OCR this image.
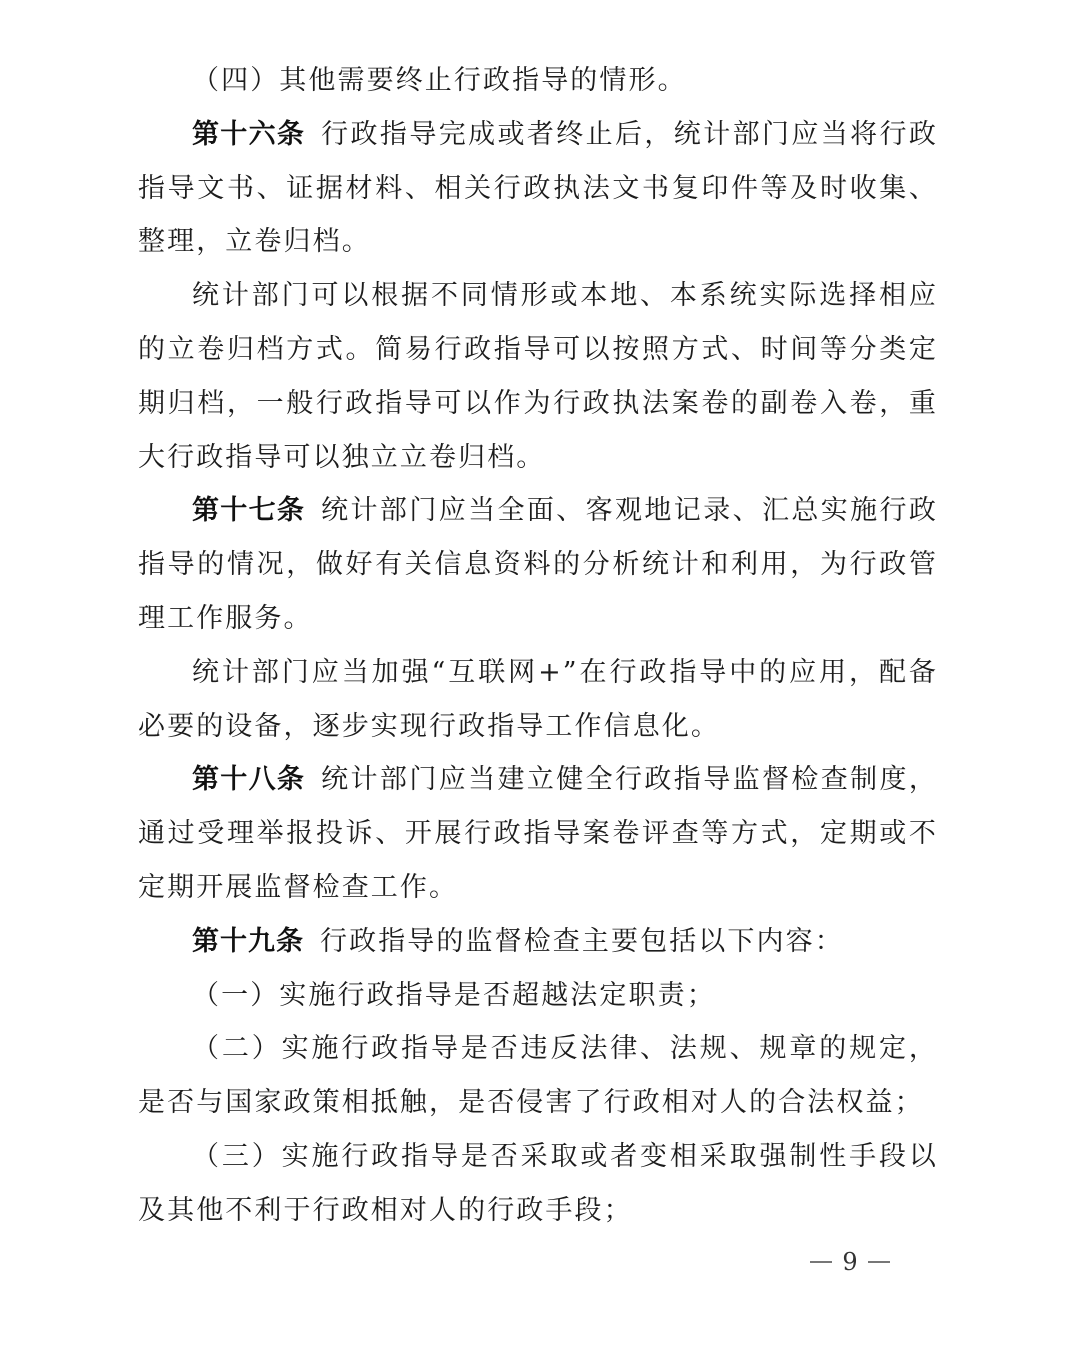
（四）其他需要终止行政指导的情形。

第十六条 行政指导完成或者终止后，统计部门应当将行政指导文书、证据材料、相关行政执法文书复印件等及时收集、整理，立卷归档。

统计部门可以根据不同情形或本地、本系统实际选择相应的立卷归档方式。简易行政指导可以按照方式、时间等分类定期归档，一般行政指导可以作为行政执法案卷的副卷入卷，重大行政指导可以独立立卷归档。

第十七条 统计部门应当全面、客观地记录、汇总实施行政指导的情况，做好有关信息资料的分析统计和利用，为行政管理工作服务。

统计部门应当加强“互联网+”在行政指导中的应用，配备必要的设备，逐步实现行政指导工作信息化。

第十八条 统计部门应当建立健全行政指导监督检查制度，通过受理举报投诉、开展行政指导案卷评查等方式，定期或不定期开展监督检查工作。

第十九条 行政指导的监督检查主要包括以下内容：

（一）实施行政指导是否超越法定职责；

（二）实施行政指导是否违反法律、法规、规章的规定，是否与国家政策相抵触，是否侵害了行政相对人的合法权益；

（三）实施行政指导是否采取或者变相采取强制性手段以及其他不利于行政相对人的行政手段；

9
